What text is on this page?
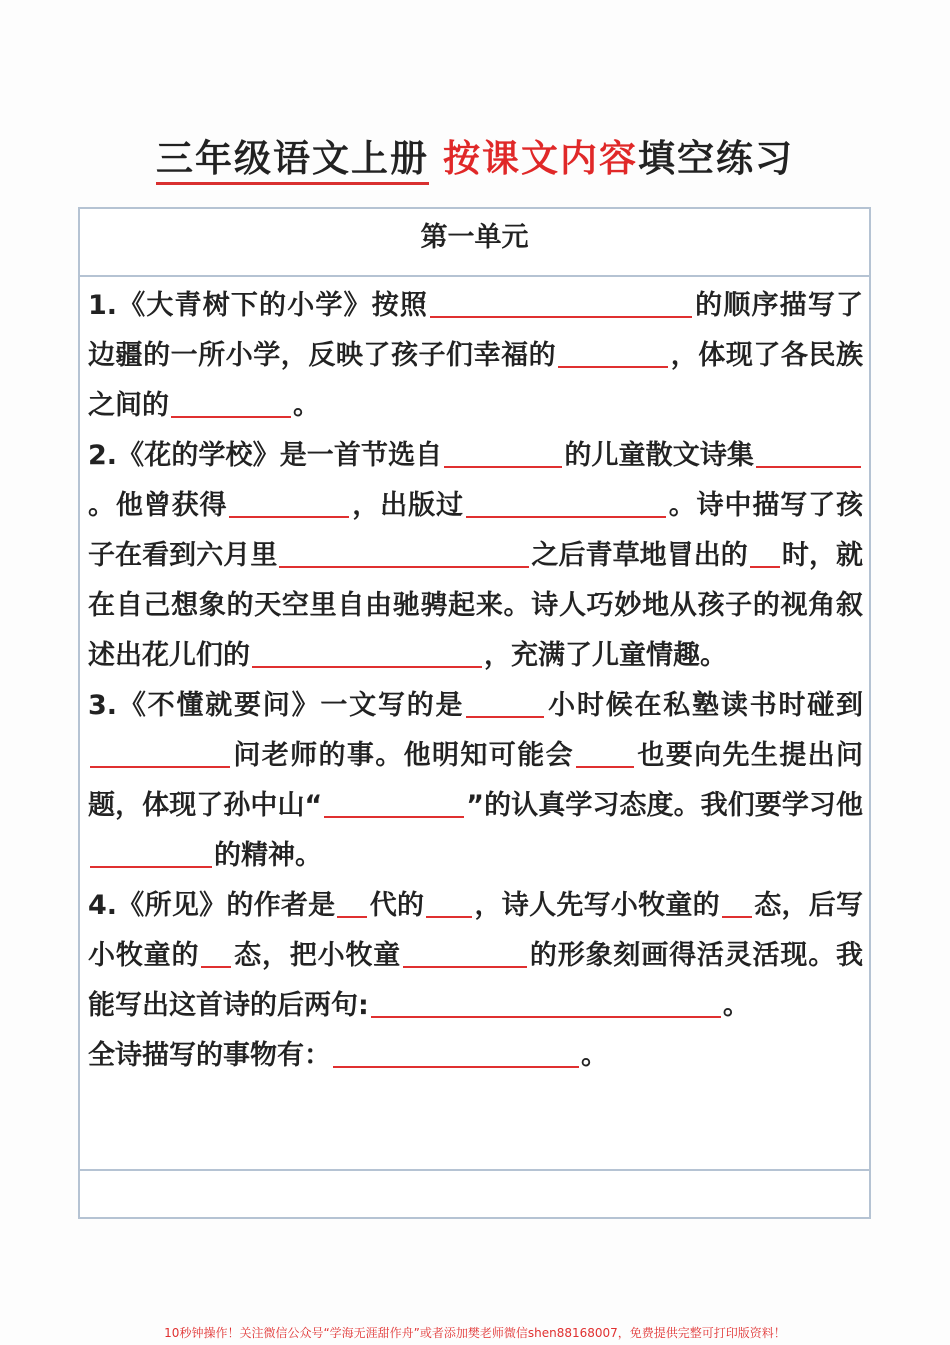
三年级语文上册 按课文内容填空练习
第一单元

1.《大青树下的小学》按照	的顺序描写了边疆的一所小学，反映了孩子们幸福的	，体现了各民族之间的	。

2.《花的学校》是一首节选自	的儿童散文诗集。他曾获得	，出版过	。诗中描写了孩子在看到六月里	之后青草地冒出的 时，就在自己想象的天空里自由驰骋起来。诗人巧妙地从孩子的视角叙述出花儿们的	，充满了儿童情趣。

3.《不懂就要问》一文写的是	小时候在私塾读书时碰到问老师的事。他明知可能会 也要向先生提出问题，体现了孙中山“	”的认真学习态度。我们要学习他的精神。

4.《所见》的作者是 代的 ，诗人先写小牧童的 态，后写小牧童的 态，把小牧童	的形象刻画得活灵活现。我能写出这首诗的后两句:	。

全诗描写的事物有：	。

10秒钟操作！关注微信公众号“学海无涯甜作舟”或者添加樊老师微信shen88168007，免费提供完整可打印版资料！
